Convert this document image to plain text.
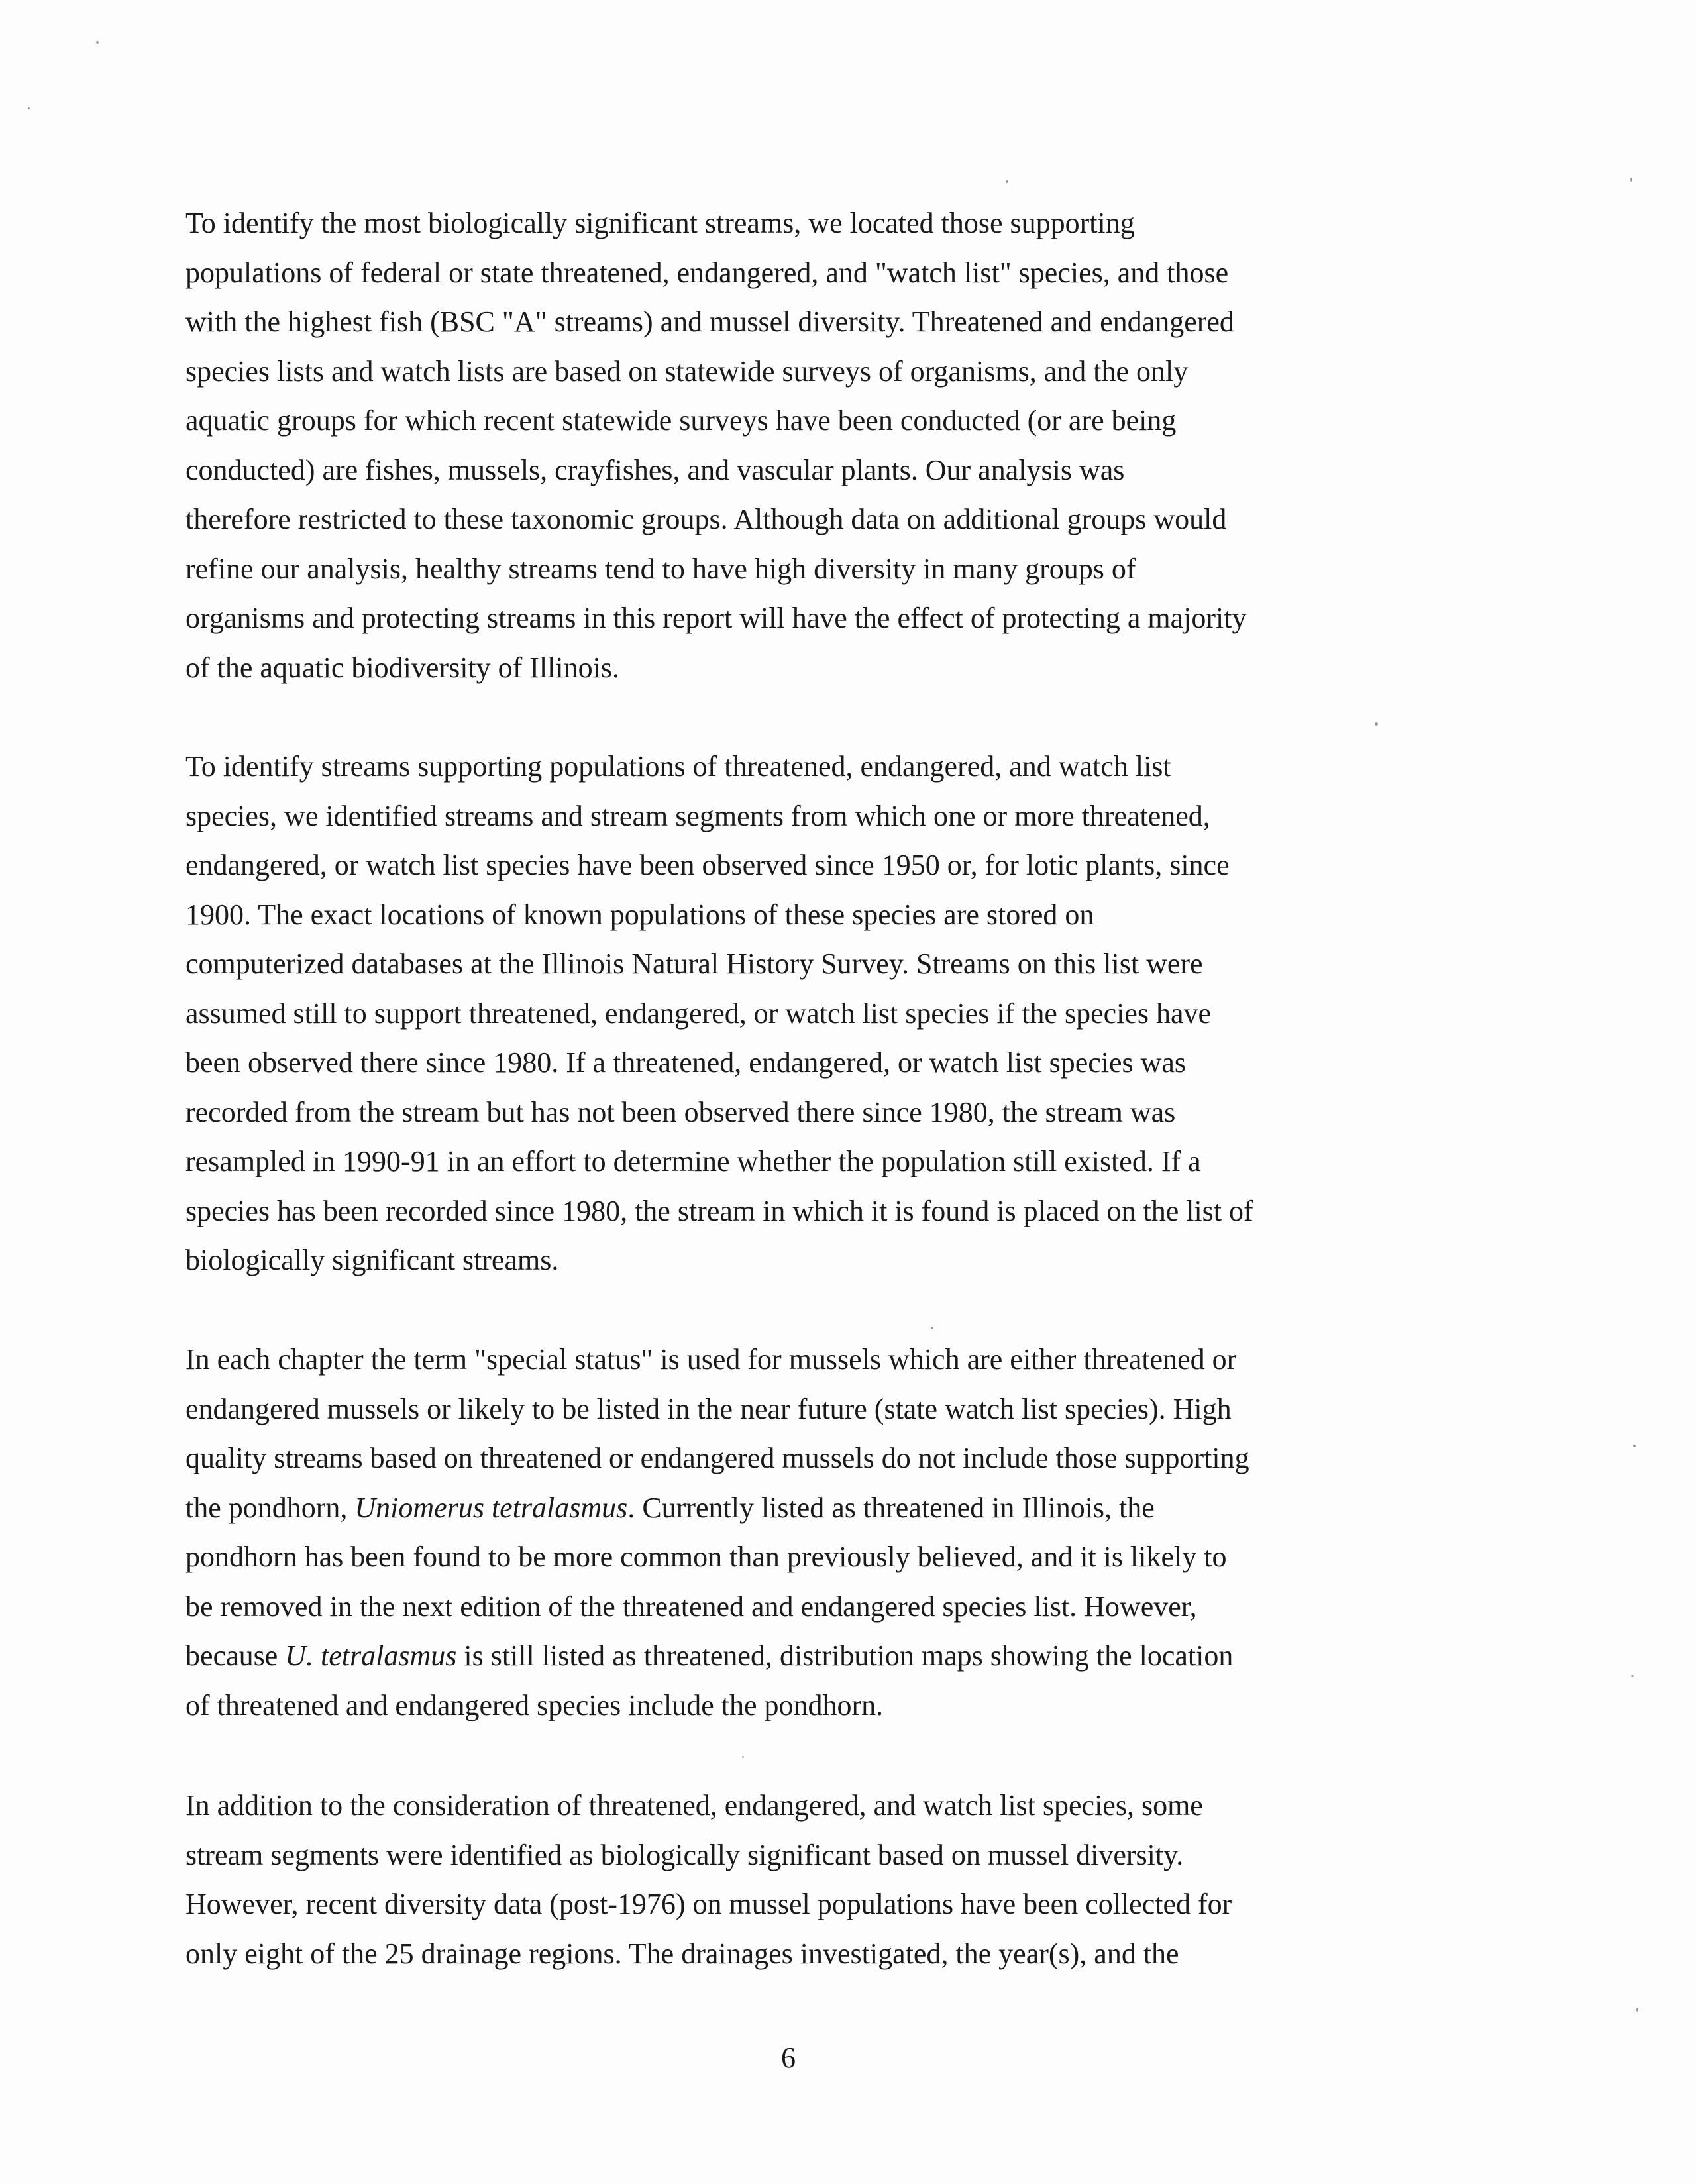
To identify the most biologically significant streams, we located those supporting
populations of federal or state threatened, endangered, and "watch list" species, and those
with the highest fish (BSC "A" streams) and mussel diversity. Threatened and endangered
species lists and watch lists are based on statewide surveys of organisms, and the only
aquatic groups for which recent statewide surveys have been conducted (or are being
conducted) are fishes, mussels, crayfishes, and vascular plants. Our analysis was
therefore restricted to these taxonomic groups. Although data on additional groups would
refine our analysis, healthy streams tend to have high diversity in many groups of
organisms and protecting streams in this report will have the effect of protecting a majority
of the aquatic biodiversity of Illinois.

To identify streams supporting populations of threatened, endangered, and watch list
species, we identified streams and stream segments from which one or more threatened,
endangered, or watch list species have been observed since 1950 or, for lotic plants, since
1900. The exact locations of known populations of these species are stored on
computerized databases at the Illinois Natural History Survey. Streams on this list were
assumed still to support threatened, endangered, or watch list species if the species have
been observed there since 1980. If a threatened, endangered, or watch list species was
recorded from the stream but has not been observed there since 1980, the stream was
resampled in 1990-91 in an effort to determine whether the population still existed. If a
species has been recorded since 1980, the stream in which it is found is placed on the list of
biologically significant streams.

In each chapter the term "special status" is used for mussels which are either threatened or
endangered mussels or likely to be listed in the near future (state watch list species). High
quality streams based on threatened or endangered mussels do not include those supporting
the pondhorn, Uniomerus tetralasmus. Currently listed as threatened in Illinois, the
pondhorn has been found to be more common than previously believed, and it is likely to
be removed in the next edition of the threatened and endangered species list. However,
because U. tetralasmus is still listed as threatened, distribution maps showing the location
of threatened and endangered species include the pondhorn.

In addition to the consideration of threatened, endangered, and watch list species, some
stream segments were identified as biologically significant based on mussel diversity.
However, recent diversity data (post-1976) on mussel populations have been collected for
only eight of the 25 drainage regions. The drainages investigated, the year(s), and the

6
